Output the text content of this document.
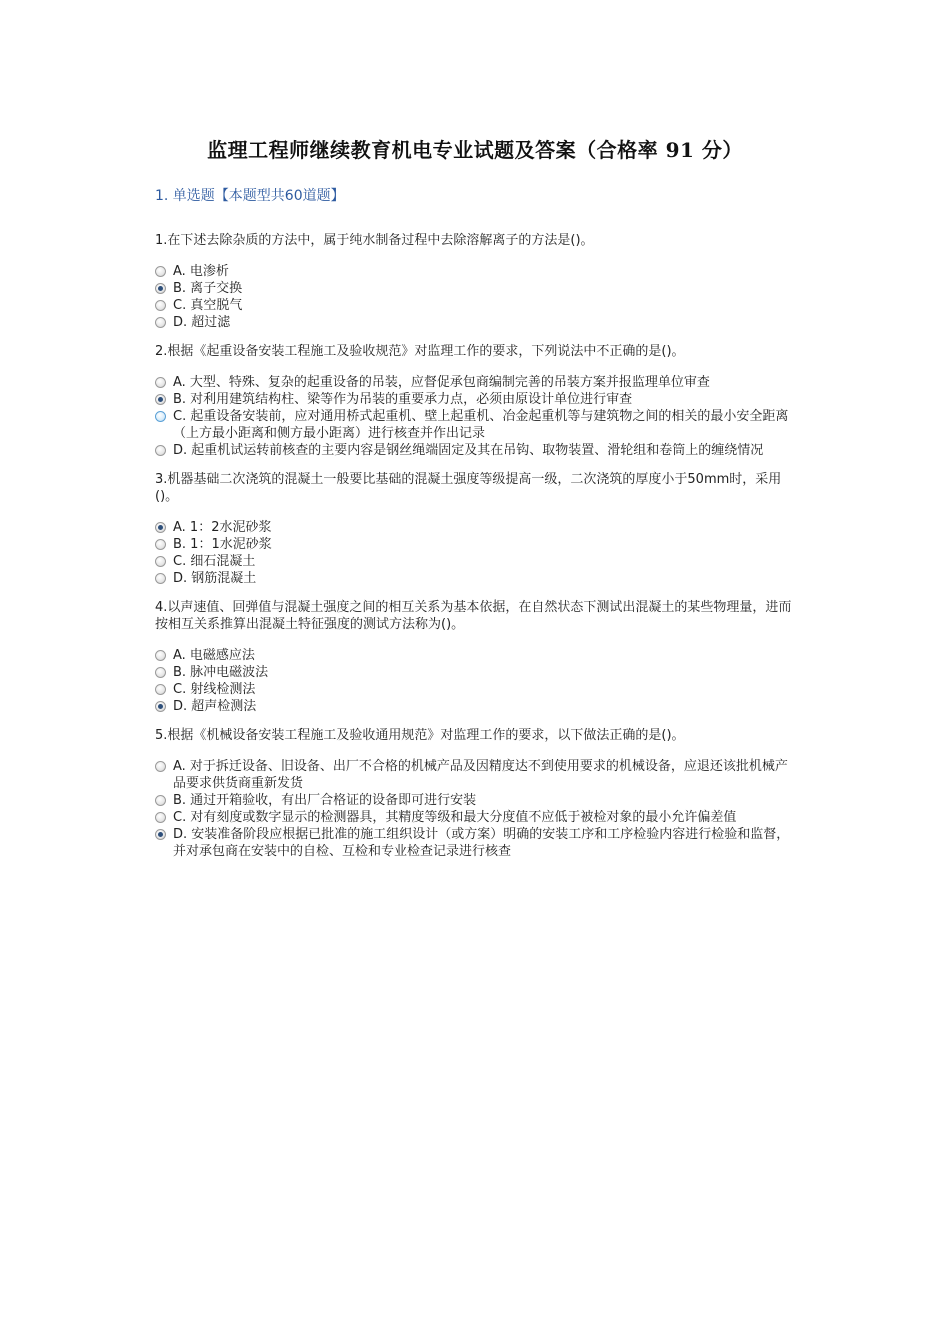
监理工程师继续教育机电专业试题及答案（合格率 91 分）
1. 单选题【本题型共60道题】
1.在下述去除杂质的方法中，属于纯水制备过程中去除溶解离子的方法是()。
A. 电渗析
B. 离子交换
C. 真空脱气
D. 超过滤
2.根据《起重设备安装工程施工及验收规范》对监理工作的要求，下列说法中不正确的是()。
A. 大型、特殊、复杂的起重设备的吊装，应督促承包商编制完善的吊装方案并报监理单位审查
B. 对利用建筑结构柱、梁等作为吊装的重要承力点，必须由原设计单位进行审查
C. 起重设备安装前，应对通用桥式起重机、壁上起重机、冶金起重机等与建筑物之间的相关的最小安全距离（上方最小距离和侧方最小距离）进行核查并作出记录
D. 起重机试运转前核查的主要内容是钢丝绳端固定及其在吊钩、取物装置、滑轮组和卷筒上的缠绕情况
3.机器基础二次浇筑的混凝土一般要比基础的混凝土强度等级提高一级，二次浇筑的厚度小于50mm时，采用()。
A. 1：2水泥砂浆
B. 1：1水泥砂浆
C. 细石混凝土
D. 钢筋混凝土
4.以声速值、回弹值与混凝土强度之间的相互关系为基本依据，在自然状态下测试出混凝土的某些物理量，进而按相互关系推算出混凝土特征强度的测试方法称为()。
A. 电磁感应法
B. 脉冲电磁波法
C. 射线检测法
D. 超声检测法
5.根据《机械设备安装工程施工及验收通用规范》对监理工作的要求，以下做法正确的是()。
A. 对于拆迁设备、旧设备、出厂不合格的机械产品及因精度达不到使用要求的机械设备，应退还该批机械产品要求供货商重新发货
B. 通过开箱验收，有出厂合格证的设备即可进行安装
C. 对有刻度或数字显示的检测器具，其精度等级和最大分度值不应低于被检对象的最小允许偏差值
D. 安装准备阶段应根据已批准的施工组织设计（或方案）明确的安装工序和工序检验内容进行检验和监督，并对承包商在安装中的自检、互检和专业检查记录进行核查
